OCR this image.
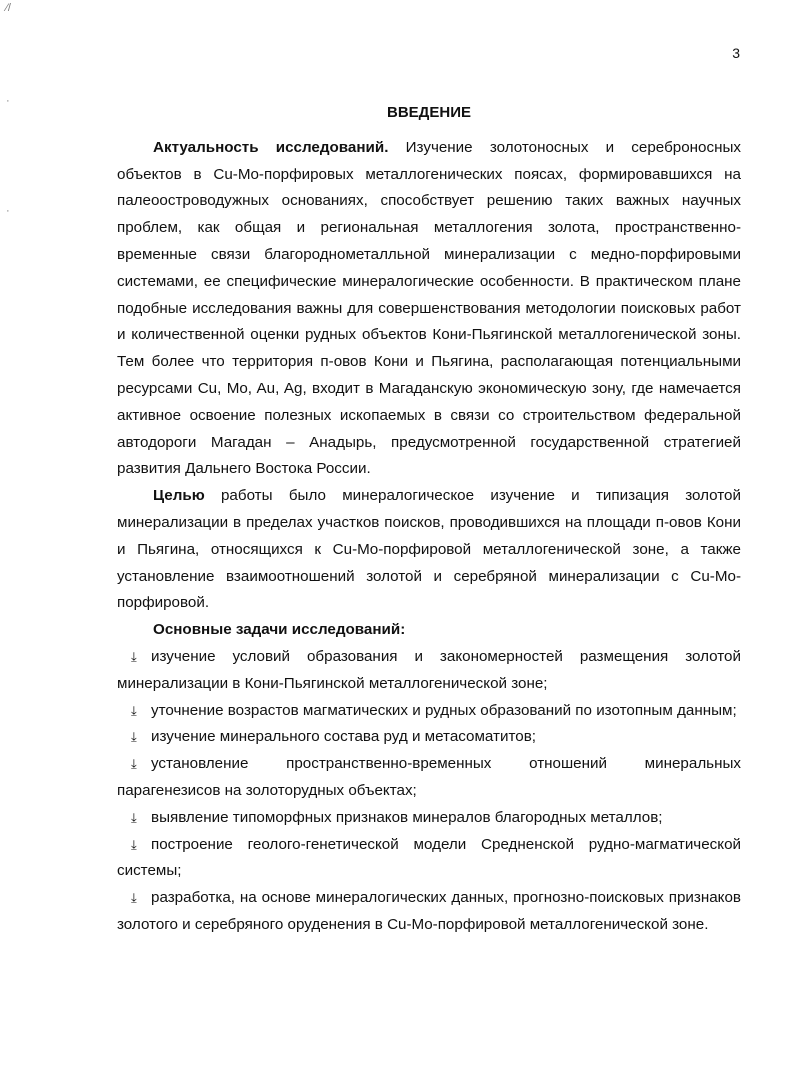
⁄/
·
·
3
ВВЕДЕНИЕ

Актуальность исследований. Изучение золотоносных и сереброносных объектов в Cu-Mo-порфировых металлогенических поясах, формировавшихся на палеоостроводужных основаниях, способствует решению таких важных научных проблем, как общая и региональная металлогения золота, пространственно-временные связи благороднометалльной минерализации с медно-порфировыми системами, ее специфические минералогические особенности. В практическом плане подобные исследования важны для совершенствования методологии поисковых работ и количественной оценки рудных объектов Кони-Пьягинской металлогенической зоны. Тем более что территория п-овов Кони и Пьягина, располагающая потенциальными ресурсами Cu, Mo, Au, Ag, входит в Магаданскую экономическую зону, где намечается активное освоение полезных ископаемых в связи со строительством федеральной автодороги Магадан – Анадырь, предусмотренной государственной стратегией развития Дальнего Востока России.

Целью работы было минералогическое изучение и типизация золотой минерализации в пределах участков поисков, проводившихся на площади п-овов Кони и Пьягина, относящихся к Cu-Mo-порфировой металлогенической зоне, а также установление взаимоотношений золотой и серебряной минерализации с Cu-Mo-порфировой.

Основные задачи исследований:

⤓ изучение условий образования и закономерностей размещения золотой минерализации в Кони-Пьягинской металлогенической зоне;

⤓ уточнение возрастов магматических и рудных образований по изотопным данным;

⤓ изучение минерального состава руд и метасоматитов;

⤓ установление пространственно-временных отношений минеральных парагенезисов на золоторудных объектах;

⤓ выявление типоморфных признаков минералов благородных металлов;

⤓ построение геолого-генетической модели Средненской рудно-магматической системы;

⤓ разработка, на основе минералогических данных, прогнозно-поисковых признаков золотого и серебряного оруденения в Cu-Mo-порфировой металлогенической зоне.
